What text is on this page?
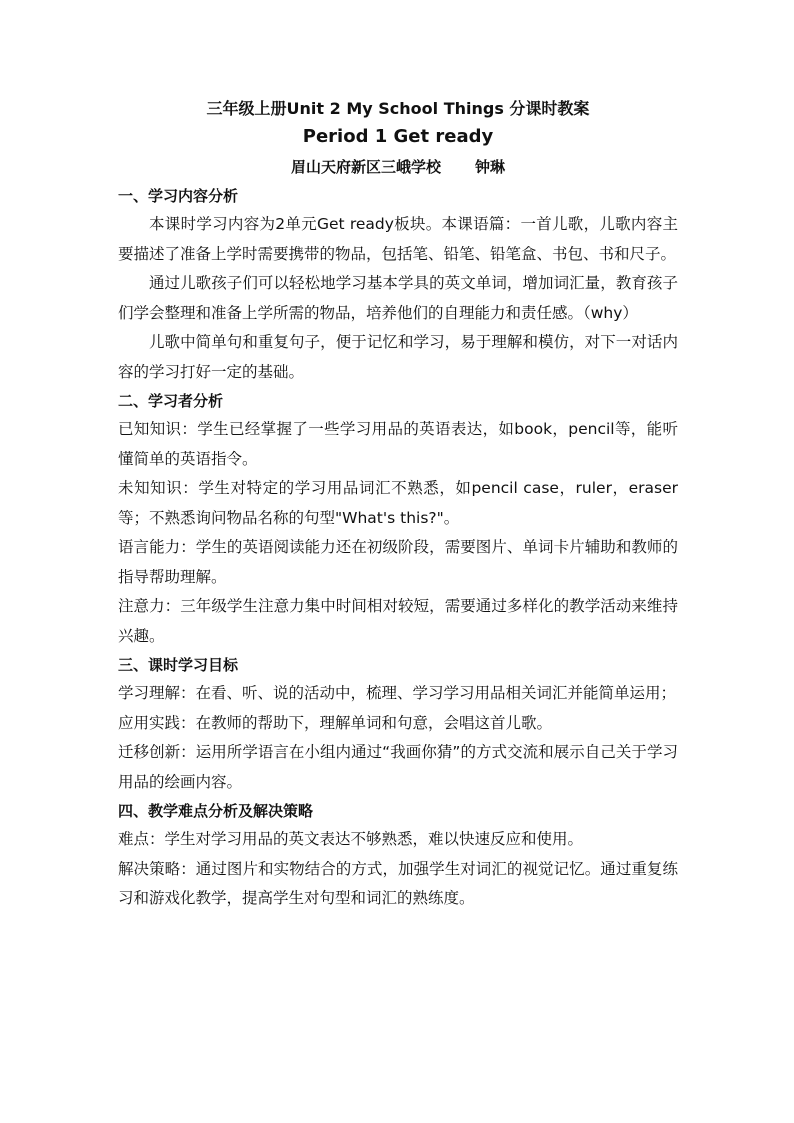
三年级上册Unit 2 My School Things 分课时教案
Period 1 Get ready
眉山天府新区三峨学校 钟琳
一、学习内容分析

本课时学习内容为2单元Get ready板块。本课语篇：一首儿歌，儿歌内容主要描述了准备上学时需要携带的物品，包括笔、铅笔、铅笔盒、书包、书和尺子。

通过儿歌孩子们可以轻松地学习基本学具的英文单词，增加词汇量，教育孩子们学会整理和准备上学所需的物品，培养他们的自理能力和责任感。（why）

儿歌中简单句和重复句子，便于记忆和学习，易于理解和模仿，对下一对话内容的学习打好一定的基础。

二、学习者分析

已知知识：学生已经掌握了一些学习用品的英语表达，如book，pencil等，能听懂简单的英语指令。

未知知识：学生对特定的学习用品词汇不熟悉，如pencil case，ruler，eraser等；不熟悉询问物品名称的句型"What's this?"。

语言能力：学生的英语阅读能力还在初级阶段，需要图片、单词卡片辅助和教师的指导帮助理解。

注意力：三年级学生注意力集中时间相对较短，需要通过多样化的教学活动来维持兴趣。

三、课时学习目标

学习理解：在看、听、说的活动中，梳理、学习学习用品相关词汇并能简单运用；

应用实践：在教师的帮助下，理解单词和句意，会唱这首儿歌。

迁移创新：运用所学语言在小组内通过“我画你猜”的方式交流和展示自己关于学习用品的绘画内容。

四、教学难点分析及解决策略

难点：学生对学习用品的英文表达不够熟悉，难以快速反应和使用。

解决策略：通过图片和实物结合的方式，加强学生对词汇的视觉记忆。通过重复练习和游戏化教学，提高学生对句型和词汇的熟练度。
